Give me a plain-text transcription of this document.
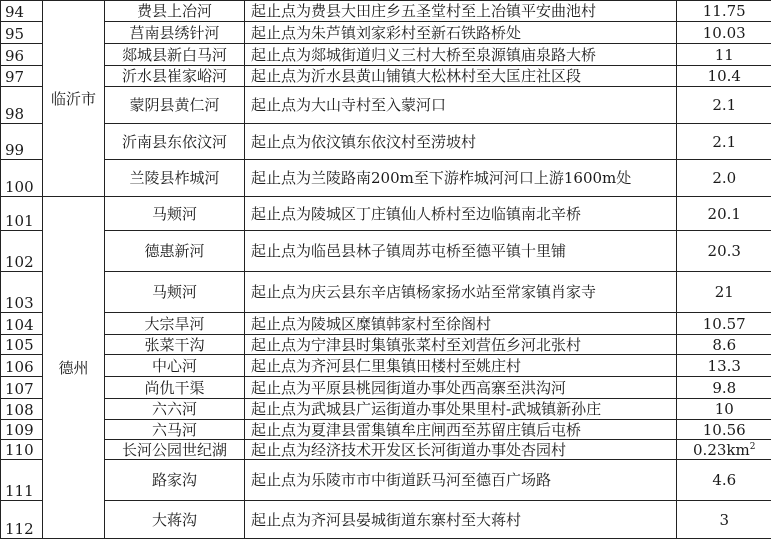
94	临沂市	费县上冶河	起止点为费县大田庄乡五圣堂村至上冶镇平安曲池村	11.75
95		莒南县绣针河	起止点为朱芦镇刘家彩村至新石铁路桥处	10.03
96		郯城县新白马河	起止点为郯城街道归义三村大桥至泉源镇庙泉路大桥	11
97		沂水县崔家峪河	起止点为沂水县黄山铺镇大松林村至大匡庄社区段	10.4
98		蒙阴县黄仁河	起止点为大山寺村至入蒙河口	2.1
99		沂南县东依汶河	起止点为依汶镇东依汶村至涝坡村	2.1
100		兰陵县柞城河	起止点为兰陵路南200m至下游柞城河河口上游1600m处	2.0
101	德州	马颊河	起止点为陵城区丁庄镇仙人桥村至边临镇南北辛桥	20.1
102		德惠新河	起止点为临邑县林子镇周苏屯桥至德平镇十里铺	20.3
103		马颊河	起止点为庆云县东辛店镇杨家扬水站至常家镇肖家寺	21
104		大宗旱河	起止点为陵城区糜镇韩家村至徐阁村	10.57
105		张菜干沟	起止点为宁津县时集镇张菜村至刘营伍乡河北张村	8.6
106		中心河	起止点为齐河县仁里集镇田楼村至姚庄村	13.3
107		尚仇干渠	起止点为平原县桃园街道办事处西高寨至洪沟河	9.8
108		六六河	起止点为武城县广运街道办事处果里村-武城镇新孙庄	10
109		六马河	起止点为夏津县雷集镇牟庄闸西至苏留庄镇后屯桥	10.56
110		长河公园世纪湖	起止点为经济技术开发区长河街道办事处杏园村	$0.23km^2$
111		路家沟	起止点为乐陵市市中街道跃马河至德百广场路	4.6
112		大蒋沟	起止点为齐河县晏城街道东寨村至大蒋村	3
